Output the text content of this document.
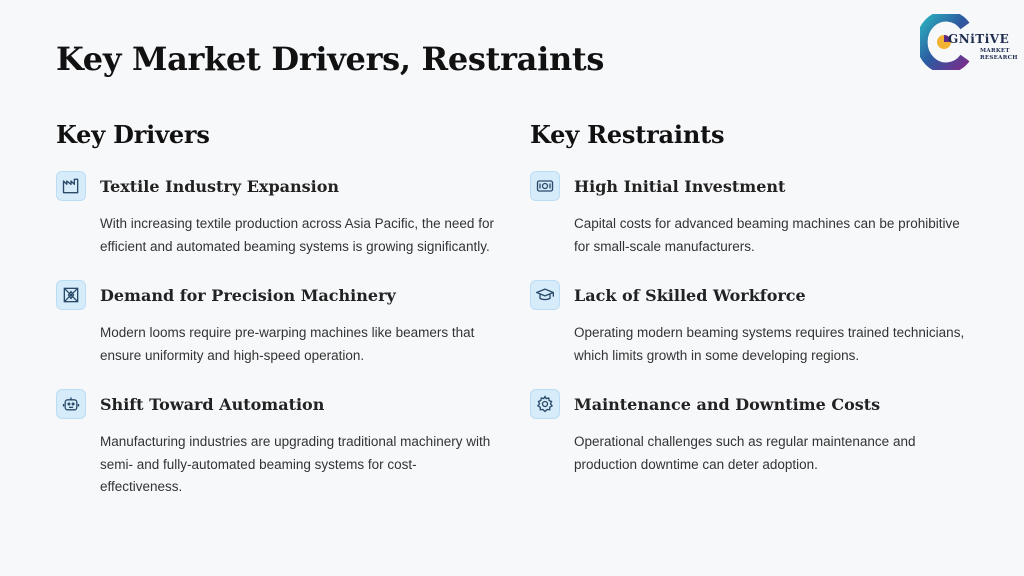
Key Market Drivers, Restraints
GNiTiVE
MARKET
RESEARCH
Key Drivers
Textile Industry Expansion
With increasing textile production across Asia Pacific, the need for efficient and automated beaming systems is growing significantly.
Demand for Precision Machinery
Modern looms require pre-warping machines like beamers that ensure uniformity and high-speed operation.
Shift Toward Automation
Manufacturing industries are upgrading traditional machinery with semi- and fully-automated beaming systems for cost-effectiveness.
Key Restraints
High Initial Investment
Capital costs for advanced beaming machines can be prohibitive for small-scale manufacturers.
Lack of Skilled Workforce
Operating modern beaming systems requires trained technicians, which limits growth in some developing regions.
Maintenance and Downtime Costs
Operational challenges such as regular maintenance and production downtime can deter adoption.
